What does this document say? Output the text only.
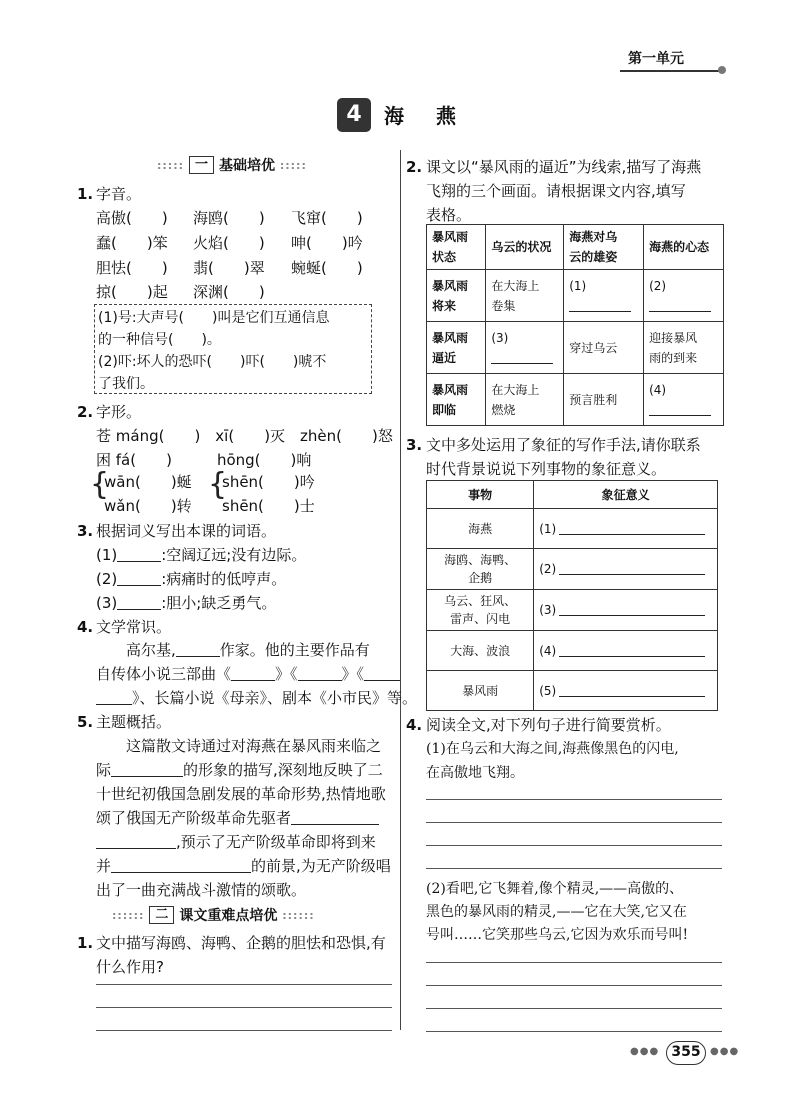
第一单元
4	海　燕
::::: 一 基础培优 :::::
1. 字音。
高傲(　　) 海鸥(　　) 飞窜(　　)
蠢(　　)笨 火焰(　　) 呻(　　)吟
胆怯(　　) 翡(　　)翠 蜿蜒(　　)
掠(　　)起 深渊(　　)
(1)号:大声号(　　)叫是它们互通信息
的一种信号(　　)。
(2)吓:坏人的恐吓(　　)吓(　　)唬不
了我们。
2. 字形。
苍 máng(　　)　xī(　　)灭　zhèn(　　)怒
困 fá(　　)　　　hōng(　　)响
{
wān(　　)蜒
wǎn(　　)转
{
shēn(　　)吟
shēn(　　)士
3. 根据词义写出本课的词语。
(1)	:空阔辽远;没有边际。
(2)	:病痛时的低哼声。
(3)	:胆小;缺乏勇气。
4. 文学常识。
高尔基,	作家。他的主要作品有
自传体小说三部曲《	》《	》《
》、长篇小说《母亲》、剧本《小市民》等。
5. 主题概括。
这篇散文诗通过对海燕在暴风雨来临之
际	的形象的描写,深刻地反映了二
十世纪初俄国急剧发展的革命形势,热情地歌
颂了俄国无产阶级革命先驱者
,预示了无产阶级革命即将到来
并	的前景,为无产阶级唱
出了一曲充满战斗激情的颂歌。
:::::: 二 课文重难点培优 ::::::
1. 文中描写海鸥、海鸭、企鹅的胆怯和恐惧,有
什么作用?
2. 课文以“暴风雨的逼近”为线索,描写了海燕
飞翔的三个画面。请根据课文内容,填写
表格。
暴风雨
状态	乌云的状况	海燕对乌
云的雄姿	海燕的心态
暴风雨
将来	在大海上
卷集	(1)	(2)

暴风雨
逼近	(3)	穿过乌云	迎接暴风
雨的到来
暴风雨
即临	在大海上
燃烧	预言胜利	(4)

3. 文中多处运用了象征的写作手法,请你联系
时代背景说说下列事物的象征意义。
事物	象征意义
海燕	(1)
海鸥、海鸭、
企鹅	(2)
乌云、狂风、
雷声、闪电	(3)
大海、波浪	(4)
暴风雨	(5)
4. 阅读全文,对下列句子进行简要赏析。
(1)在乌云和大海之间,海燕像黑色的闪电,
在高傲地飞翔。
(2)看吧,它飞舞着,像个精灵,——高傲的、
黑色的暴风雨的精灵,——它在大笑,它又在
号叫……它笑那些乌云,它因为欢乐而号叫!
●●● 355 ●●●
